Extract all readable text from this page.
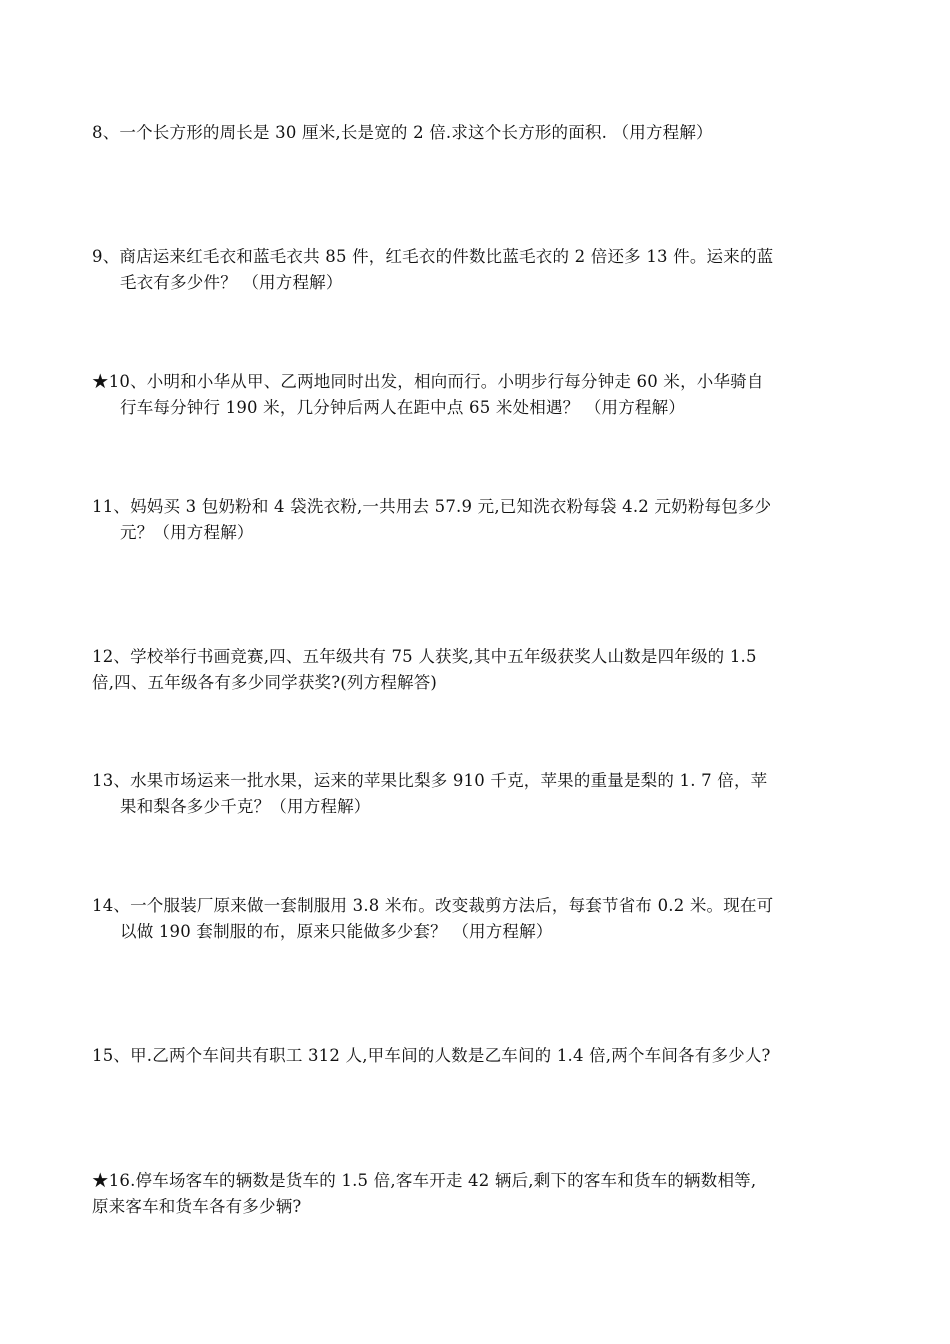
8、一个长方形的周长是 30 厘米,长是宽的 2 倍.求这个长方形的面积. （用方程解）
9、商店运来红毛衣和蓝毛衣共 85 件，红毛衣的件数比蓝毛衣的 2 倍还多 13 件。运来的蓝
毛衣有多少件？ （用方程解）
★10、小明和小华从甲、乙两地同时出发，相向而行。小明步行每分钟走 60 米，小华骑自
行车每分钟行 190 米，几分钟后两人在距中点 65 米处相遇？ （用方程解）
11、妈妈买 3 包奶粉和 4 袋洗衣粉,一共用去 57.9 元,已知洗衣粉每袋 4.2 元奶粉每包多少
元？（用方程解）
12、学校举行书画竞赛,四、五年级共有 75 人获奖,其中五年级获奖人山数是四年级的 1.5
倍,四、五年级各有多少同学获奖?(列方程解答)
13、水果市场运来一批水果，运来的苹果比梨多 910 千克，苹果的重量是梨的 1. 7 倍，苹
果和梨各多少千克？（用方程解）
14、一个服装厂原来做一套制服用 3.8 米布。改变裁剪方法后，每套节省布 0.2 米。现在可
以做 190 套制服的布，原来只能做多少套？ （用方程解）
15、甲.乙两个车间共有职工 312 人,甲车间的人数是乙车间的 1.4 倍,两个车间各有多少人?
★16.停车场客车的辆数是货车的 1.5 倍,客车开走 42 辆后,剩下的客车和货车的辆数相等,
原来客车和货车各有多少辆?
